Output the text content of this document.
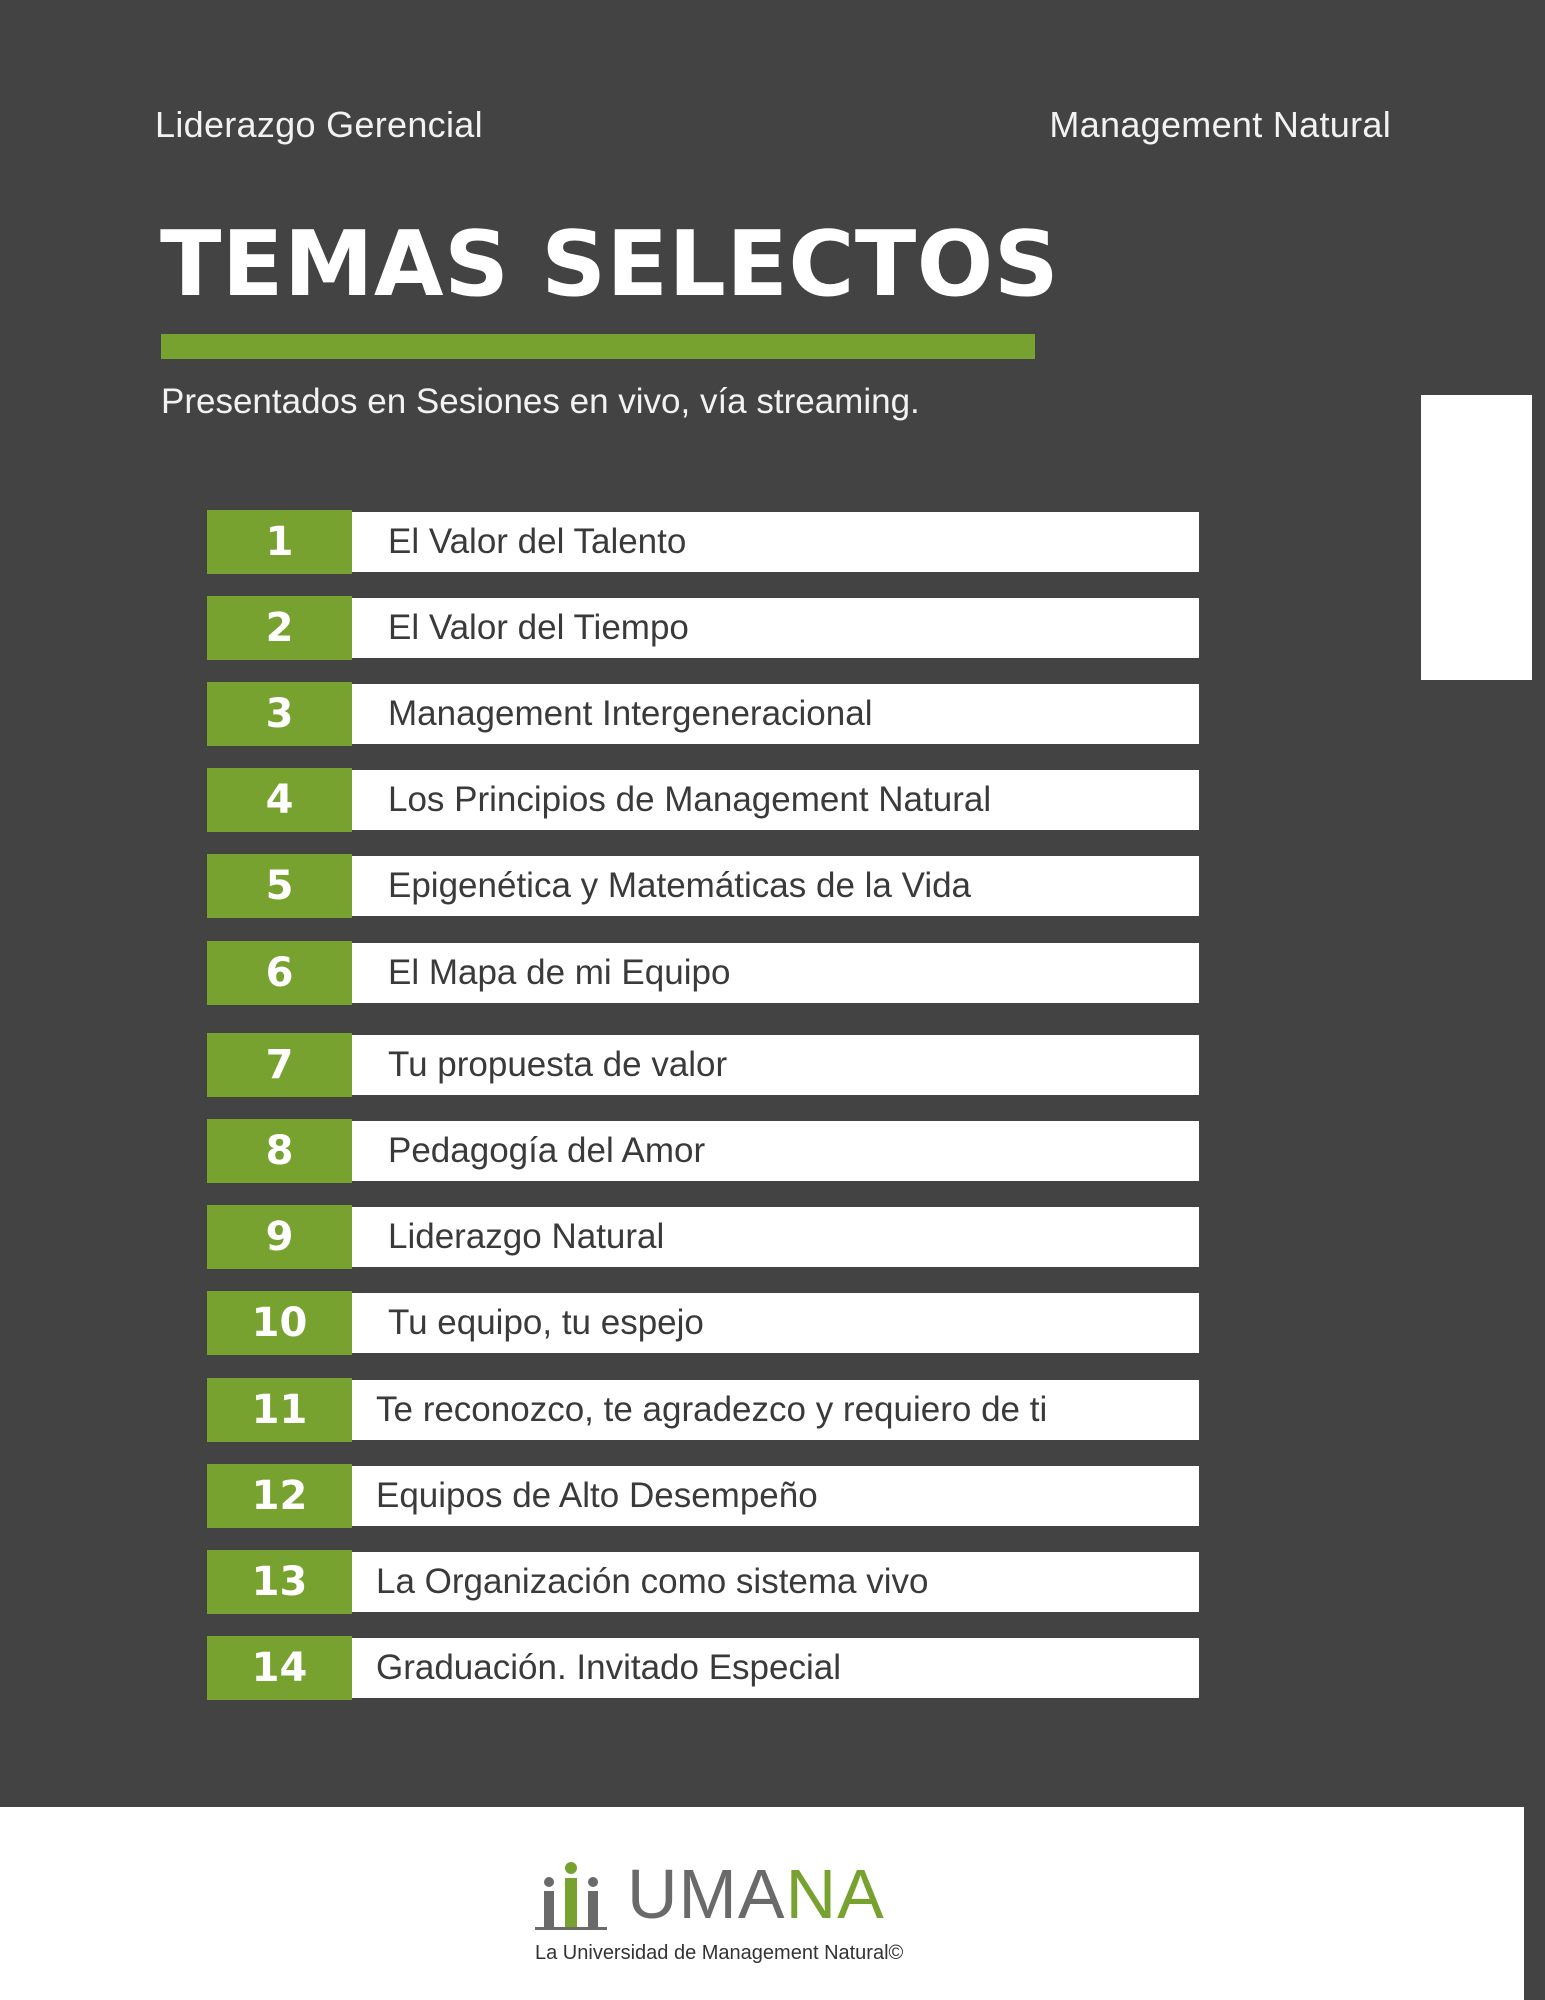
Liderazgo Gerencial	Management Natural
TEMAS SELECTOS
Presentados en Sesiones en vivo, vía streaming.
1	El Valor del Talento
2	El Valor del Tiempo
3	Management Intergeneracional
4	Los Principios de Management Natural
5	Epigenética y Matemáticas de la Vida
6	El Mapa de mi Equipo
7	Tu propuesta de valor
8	Pedagogía del Amor
9	Liderazgo Natural
10	Tu equipo, tu espejo
11	Te reconozco, te agradezco y requiero de ti
12	Equipos de Alto Desempeño
13	La Organización como sistema vivo
14	Graduación. Invitado Especial
UMANA
La Universidad de Management Natural©
